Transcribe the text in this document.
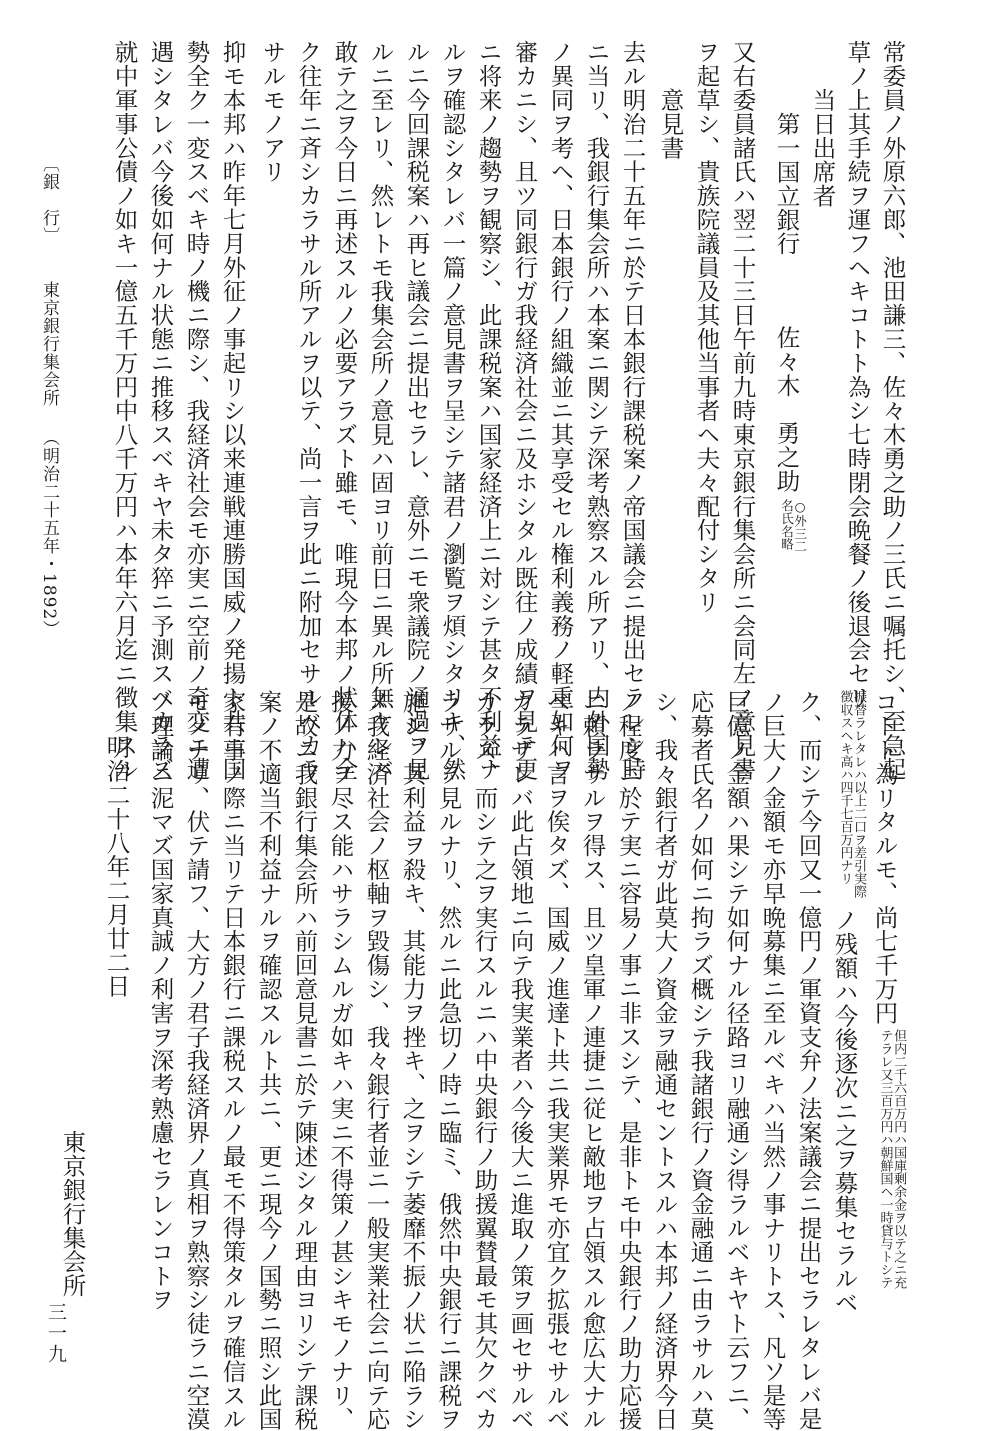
常委員ノ外原六郎、池田謙三、佐々木勇之助ノ三氏ニ嘱托シ、至急起

草ノ上其手続ヲ運フヘキコトト為シ七時閉会晩餐ノ後退会セリ

当日出席者

第一国立銀行佐々木　勇之助○外三二
名氏名略

又右委員諸氏ハ翌二十三日午前九時東京銀行集会所ニ会同左ノ意見書

ヲ起草シ、貴族院議員及其他当事者ヘ夫々配付シタリ

意見書

去ル明治二十五年ニ於テ日本銀行課税案ノ帝国議会ニ提出セラレシ時

ニ当リ、我銀行集会所ハ本案ニ関シテ深考熟察スル所アリ、内外国勢

ノ異同ヲ考ヘ、日本銀行ノ組織並ニ其享受セル権利義務ノ軽重如何ヲ

審カニシ、且ツ同銀行ガ我経済社会ニ及ホシタル既往ノ成績ヲ見テ更

ニ将来ノ趨勢ヲ観察シ、此課税案ハ国家経済上ニ対シテ甚タ不利益ナ

ルヲ確認シタレバ一篇ノ意見書ヲ呈シテ諸君ノ瀏覧ヲ煩シタリキ、然

ルニ今回課税案ハ再ヒ議会ニ提出セラレ、意外ニモ衆議院ノ通過ヲ見

ルニ至レリ、然レトモ我集会所ノ意見ハ固ヨリ前日ニ異ル所無ケレバ

敢テ之ヲ今日ニ再述スルノ必要アラズト雖モ、唯現今本邦ノ状体ハ全

ク往年ニ斉シカラサル所アルヲ以テ、尚一言ヲ此ニ附加セサルベカラ

サルモノアリ

抑モ本邦ハ昨年七月外征ノ事起リシ以来連戦連勝国威ノ発揚ト共ニ国

勢全ク一変スベキ時ノ機ニ際シ、我経済社会モ亦実ニ空前ノ奇変ニ遭

遇シタレバ今後如何ナル状態ニ推移スベキヤ未タ猝ニ予測スベカラズ

就中軍事公債ノ如キ一億五千万円中八千万円ハ本年六月迄ニ徴集スル

〔銀　行〕東京銀行集会所（明治二十五年・1892）
コトト為リタルモ、尚七千万円但内二千六百万円ハ国庫剰余金ヲ以テ之ニ充
テラレ又三百万円ハ朝鮮国ヘ一時貸与トシテ
振替ラレタレハ以上二口ヲ差引実際
徴収スヘキ高ハ四千七百万円ナリノ残額ハ今後逐次ニ之ヲ募集セラルベ

ク、而シテ今回又一億円ノ軍資支弁ノ法案議会ニ提出セラレタレバ是

ノ巨大ノ金額モ亦早晩募集ニ至ルベキハ当然ノ事ナリトス、凡ソ是等

巨億ノ金額ハ果シテ如何ナル径路ヨリ融通シ得ラルベキヤト云フニ、

応募者氏名ノ如何ニ拘ラズ概シテ我諸銀行ノ資金融通ニ由ラサルハ莫

シ、我々銀行者ガ此莫大ノ資金ヲ融通セントスルハ本邦ノ経済界今日

ノ程度ニ於テ実ニ容易ノ事ニ非スシテ、是非トモ中央銀行ノ助力応援

ニ頼ラサルヲ得ス、且ツ皇軍ノ連捷ニ従ヒ敵地ヲ占領スル愈広大ナル

ベキハ言ヲ俟タズ、国威ノ進達ト共ニ我実業界モ亦宜ク拡張セサルベ

カラザレバ此占領地ニ向テ我実業者ハ今後大ニ進取ノ策ヲ画セサルベ

カラズ、而シテ之ヲ実行スルニハ中央銀行ノ助援翼賛最モ其欠クベカ

ラサルヲ見ルナリ、然ルニ此急切ノ時ニ臨ミ、俄然中央銀行ニ課税ヲ

施シ、其利益ヲ殺キ、其能力ヲ挫キ、之ヲシテ萎靡不振ノ状ニ陥ラシ

メ我経済社会ノ枢軸ヲ毀傷シ、我々銀行者並ニ一般実業社会ニ向テ応

援ノ力ヲ尽ス能ハサラシムルガ如キハ実ニ不得策ノ甚シキモノナリ、

是故ニ我銀行集会所ハ前回意見書ニ於テ陳述シタル理由ヨリシテ課税

案ノ不適当不利益ナルヲ確認スルト共ニ、更ニ現今ノ国勢ニ照シ此国

家有事ノ際ニ当リテ日本銀行ニ課税スルノ最モ不得策タルヲ確信スル

モノナリ、伏テ請フ、大方ノ君子我経済界ノ真相ヲ熟察シ徒ラニ空漠

ノ理論ニ泥マズ国家真誠ノ利害ヲ深考熟慮セラレンコトヲ

明治二十八年二月廿二日

東京銀行集会所

三一九
